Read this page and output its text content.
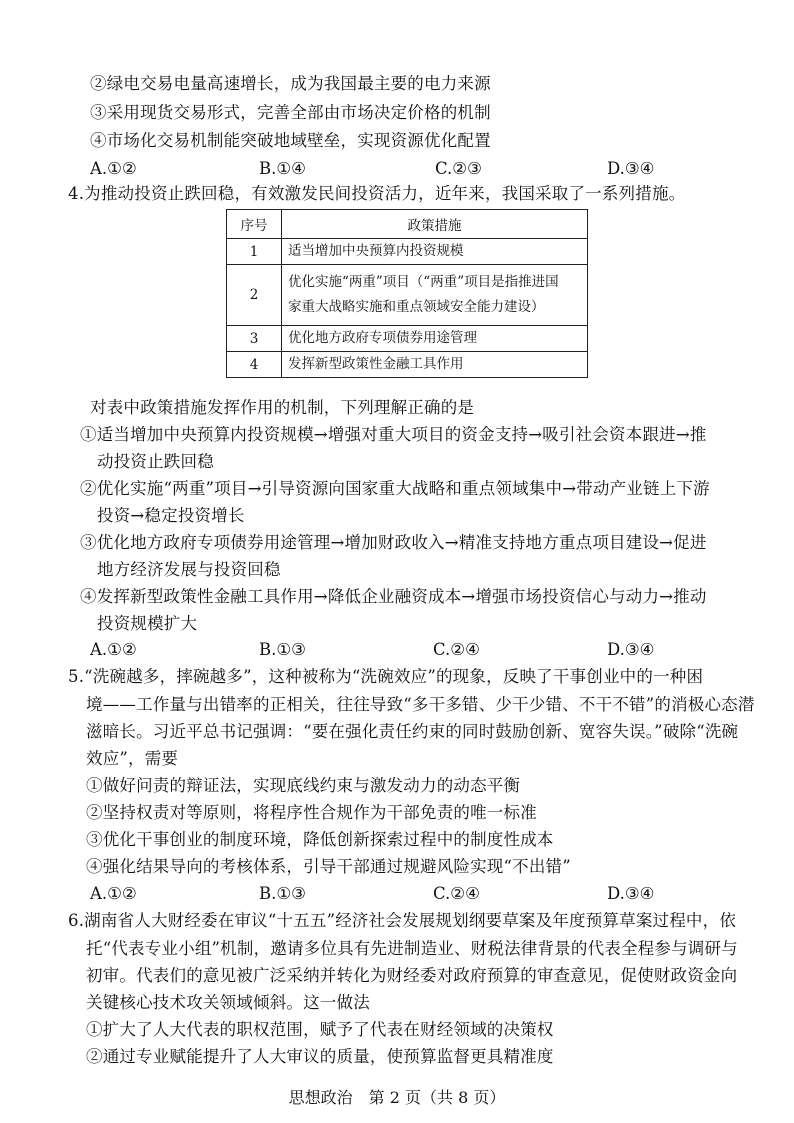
②绿电交易电量高速增长，成为我国最主要的电力来源
③采用现货交易形式，完善全部由市场决定价格的机制
④市场化交易机制能突破地域壁垒，实现资源优化配置
A.①②	B.①④	C.②③	D.③④
4.为推动投资止跌回稳，有效激发民间投资活力，近年来，我国采取了一系列措施。
序号	政策措施
1	适当增加中央预算内投资规模
2	优化实施“两重”项目（“两重”项目是指推进国
家重大战略实施和重点领域安全能力建设）

3	优化地方政府专项债券用途管理
4	发挥新型政策性金融工具作用
对表中政策措施发挥作用的机制，下列理解正确的是
①适当增加中央预算内投资规模→增强对重大项目的资金支持→吸引社会资本跟进→推
动投资止跌回稳
②优化实施“两重”项目→引导资源向国家重大战略和重点领域集中→带动产业链上下游
投资→稳定投资增长
③优化地方政府专项债券用途管理→增加财政收入→精准支持地方重点项目建设→促进
地方经济发展与投资回稳
④发挥新型政策性金融工具作用→降低企业融资成本→增强市场投资信心与动力→推动
投资规模扩大
A.①②	B.①③	C.②④	D.③④
5.“洗碗越多，摔碗越多”，这种被称为“洗碗效应”的现象，反映了干事创业中的一种困
境——工作量与出错率的正相关，往往导致“多干多错、少干少错、不干不错”的消极心态潜
滋暗长。习近平总书记强调：“要在强化责任约束的同时鼓励创新、宽容失误。”破除“洗碗
效应”，需要
①做好问责的辩证法，实现底线约束与激发动力的动态平衡
②坚持权责对等原则，将程序性合规作为干部免责的唯一标准
③优化干事创业的制度环境，降低创新探索过程中的制度性成本
④强化结果导向的考核体系，引导干部通过规避风险实现“不出错”
A.①②	B.①③	C.②④	D.③④
6.湖南省人大财经委在审议“十五五”经济社会发展规划纲要草案及年度预算草案过程中，依
托“代表专业小组”机制，邀请多位具有先进制造业、财税法律背景的代表全程参与调研与
初审。代表们的意见被广泛采纳并转化为财经委对政府预算的审查意见，促使财政资金向
关键核心技术攻关领域倾斜。这一做法
①扩大了人大代表的职权范围，赋予了代表在财经领域的决策权
②通过专业赋能提升了人大审议的质量，使预算监督更具精准度
思想政治　第 2 页（共 8 页）
